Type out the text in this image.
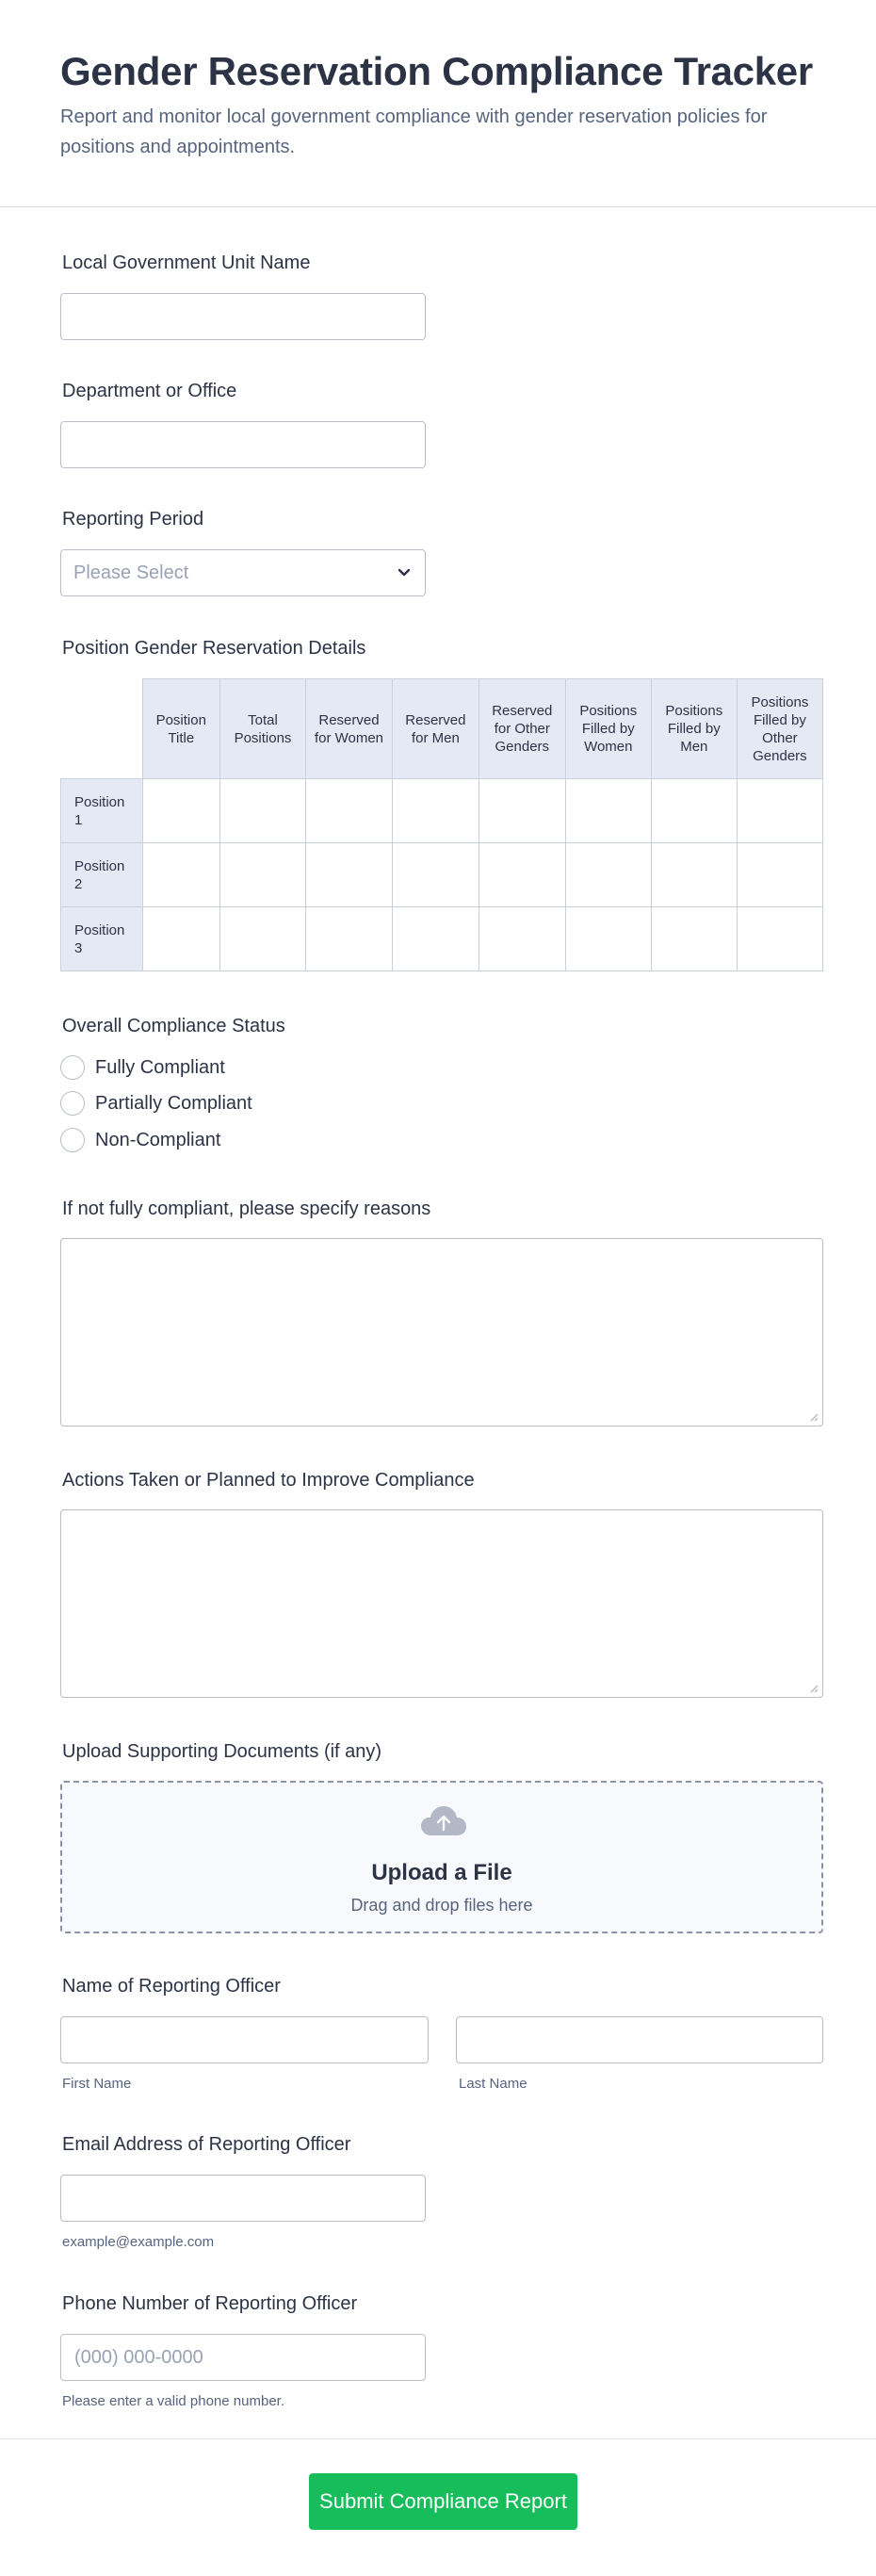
Gender Reservation Compliance Tracker

Report and monitor local government compliance with gender reservation policies for positions and appointments.

Local Government Unit Name
Department or Office
Reporting Period
Please Select
Position Gender Reservation Details
	Position Title	Total Positions	Reserved for Women	Reserved for Men	Reserved for Other Genders	Positions Filled by Women	Positions Filled by Men	Positions Filled by Other Genders
Position 1								
Position 2								
Position 3								
Overall Compliance Status
Fully Compliant
Partially Compliant
Non-Compliant
If not fully compliant, please specify reasons
Actions Taken or Planned to Improve Compliance
Upload Supporting Documents (if any)
Upload a File
Drag and drop files here
Name of Reporting Officer
First Name	Last Name
Email Address of Reporting Officer
example@example.com
Phone Number of Reporting Officer
(000) 000-0000
Please enter a valid phone number.
Submit Compliance Report
